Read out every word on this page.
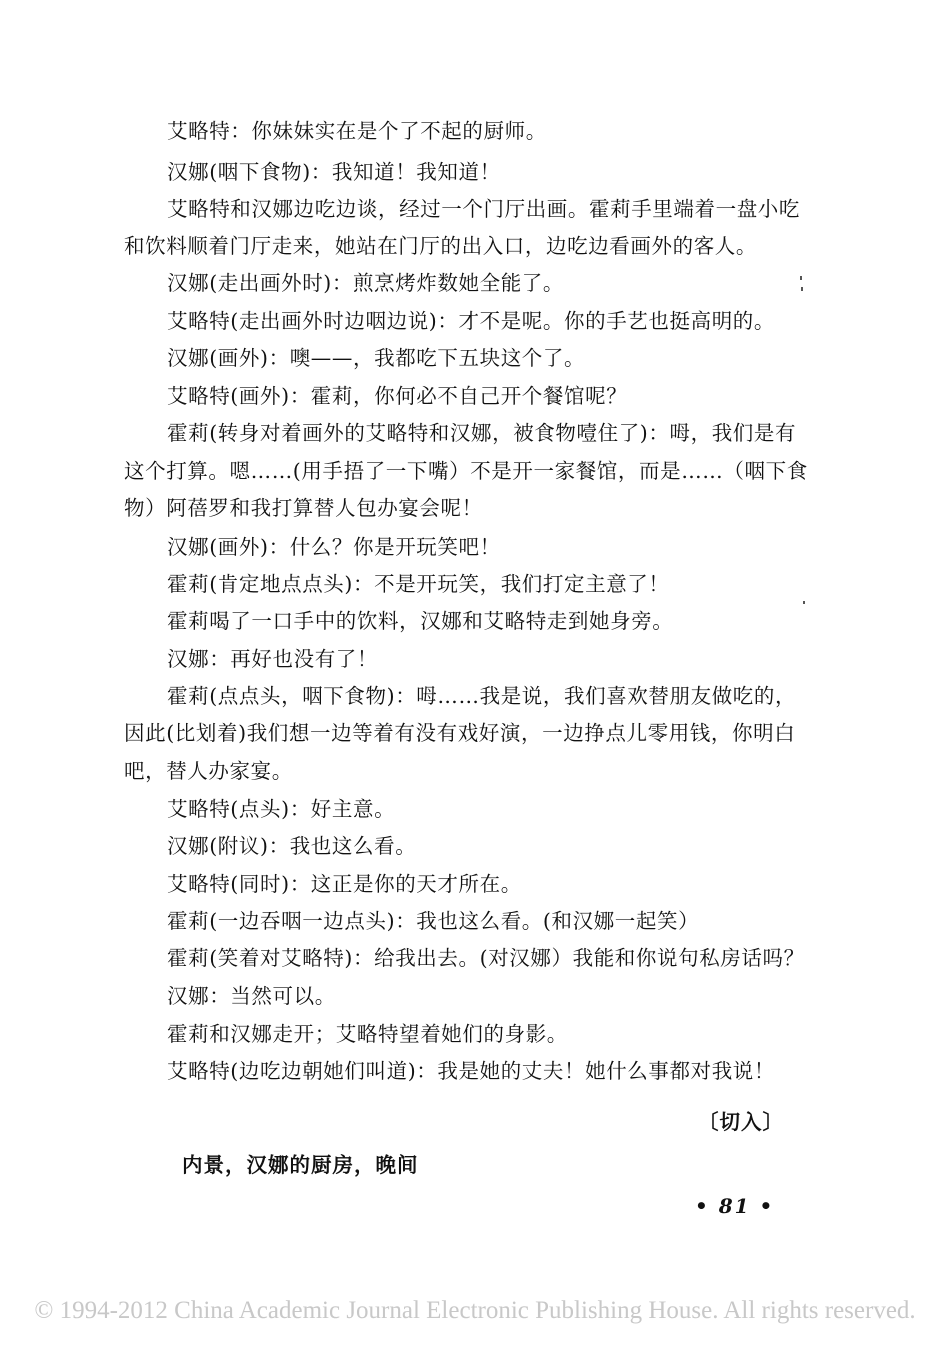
艾略特：你妹妹实在是个了不起的厨师。
汉娜(咽下食物)：我知道！我知道！
艾略特和汉娜边吃边谈，经过一个门厅出画。霍莉手里端着一盘小吃
和饮料顺着门厅走来，她站在门厅的出入口，边吃边看画外的客人。
汉娜(走出画外时)：煎烹烤炸数她全能了。
艾略特(走出画外时边咽边说)：才不是呢。你的手艺也挺高明的。
汉娜(画外)：噢——，我都吃下五块这个了。
艾略特(画外)：霍莉，你何必不自己开个餐馆呢？
霍莉(转身对着画外的艾略特和汉娜，被食物噎住了)：呣，我们是有
这个打算。嗯……(用手捂了一下嘴）不是开一家餐馆，而是……（咽下食
物）阿蓓罗和我打算替人包办宴会呢！
汉娜(画外)：什么？你是开玩笑吧！
霍莉(肯定地点点头)：不是开玩笑，我们打定主意了！
霍莉喝了一口手中的饮料，汉娜和艾略特走到她身旁。
汉娜：再好也没有了！
霍莉(点点头，咽下食物)：呣……我是说，我们喜欢替朋友做吃的，
因此(比划着)我们想一边等着有没有戏好演，一边挣点儿零用钱，你明白
吧，替人办家宴。
艾略特(点头)：好主意。
汉娜(附议)：我也这么看。
艾略特(同时)：这正是你的天才所在。
霍莉(一边吞咽一边点头)：我也这么看。(和汉娜一起笑）
霍莉(笑着对艾略特)：给我出去。(对汉娜）我能和你说句私房话吗？
汉娜：当然可以。
霍莉和汉娜走开；艾略特望着她们的身影。
艾略特(边吃边朝她们叫道)：我是她的丈夫！她什么事都对我说！
〔切入〕
内景，汉娜的厨房，晚间
• 81 •
© 1994-2012 China Academic Journal Electronic Publishing House. All rights reserved.
